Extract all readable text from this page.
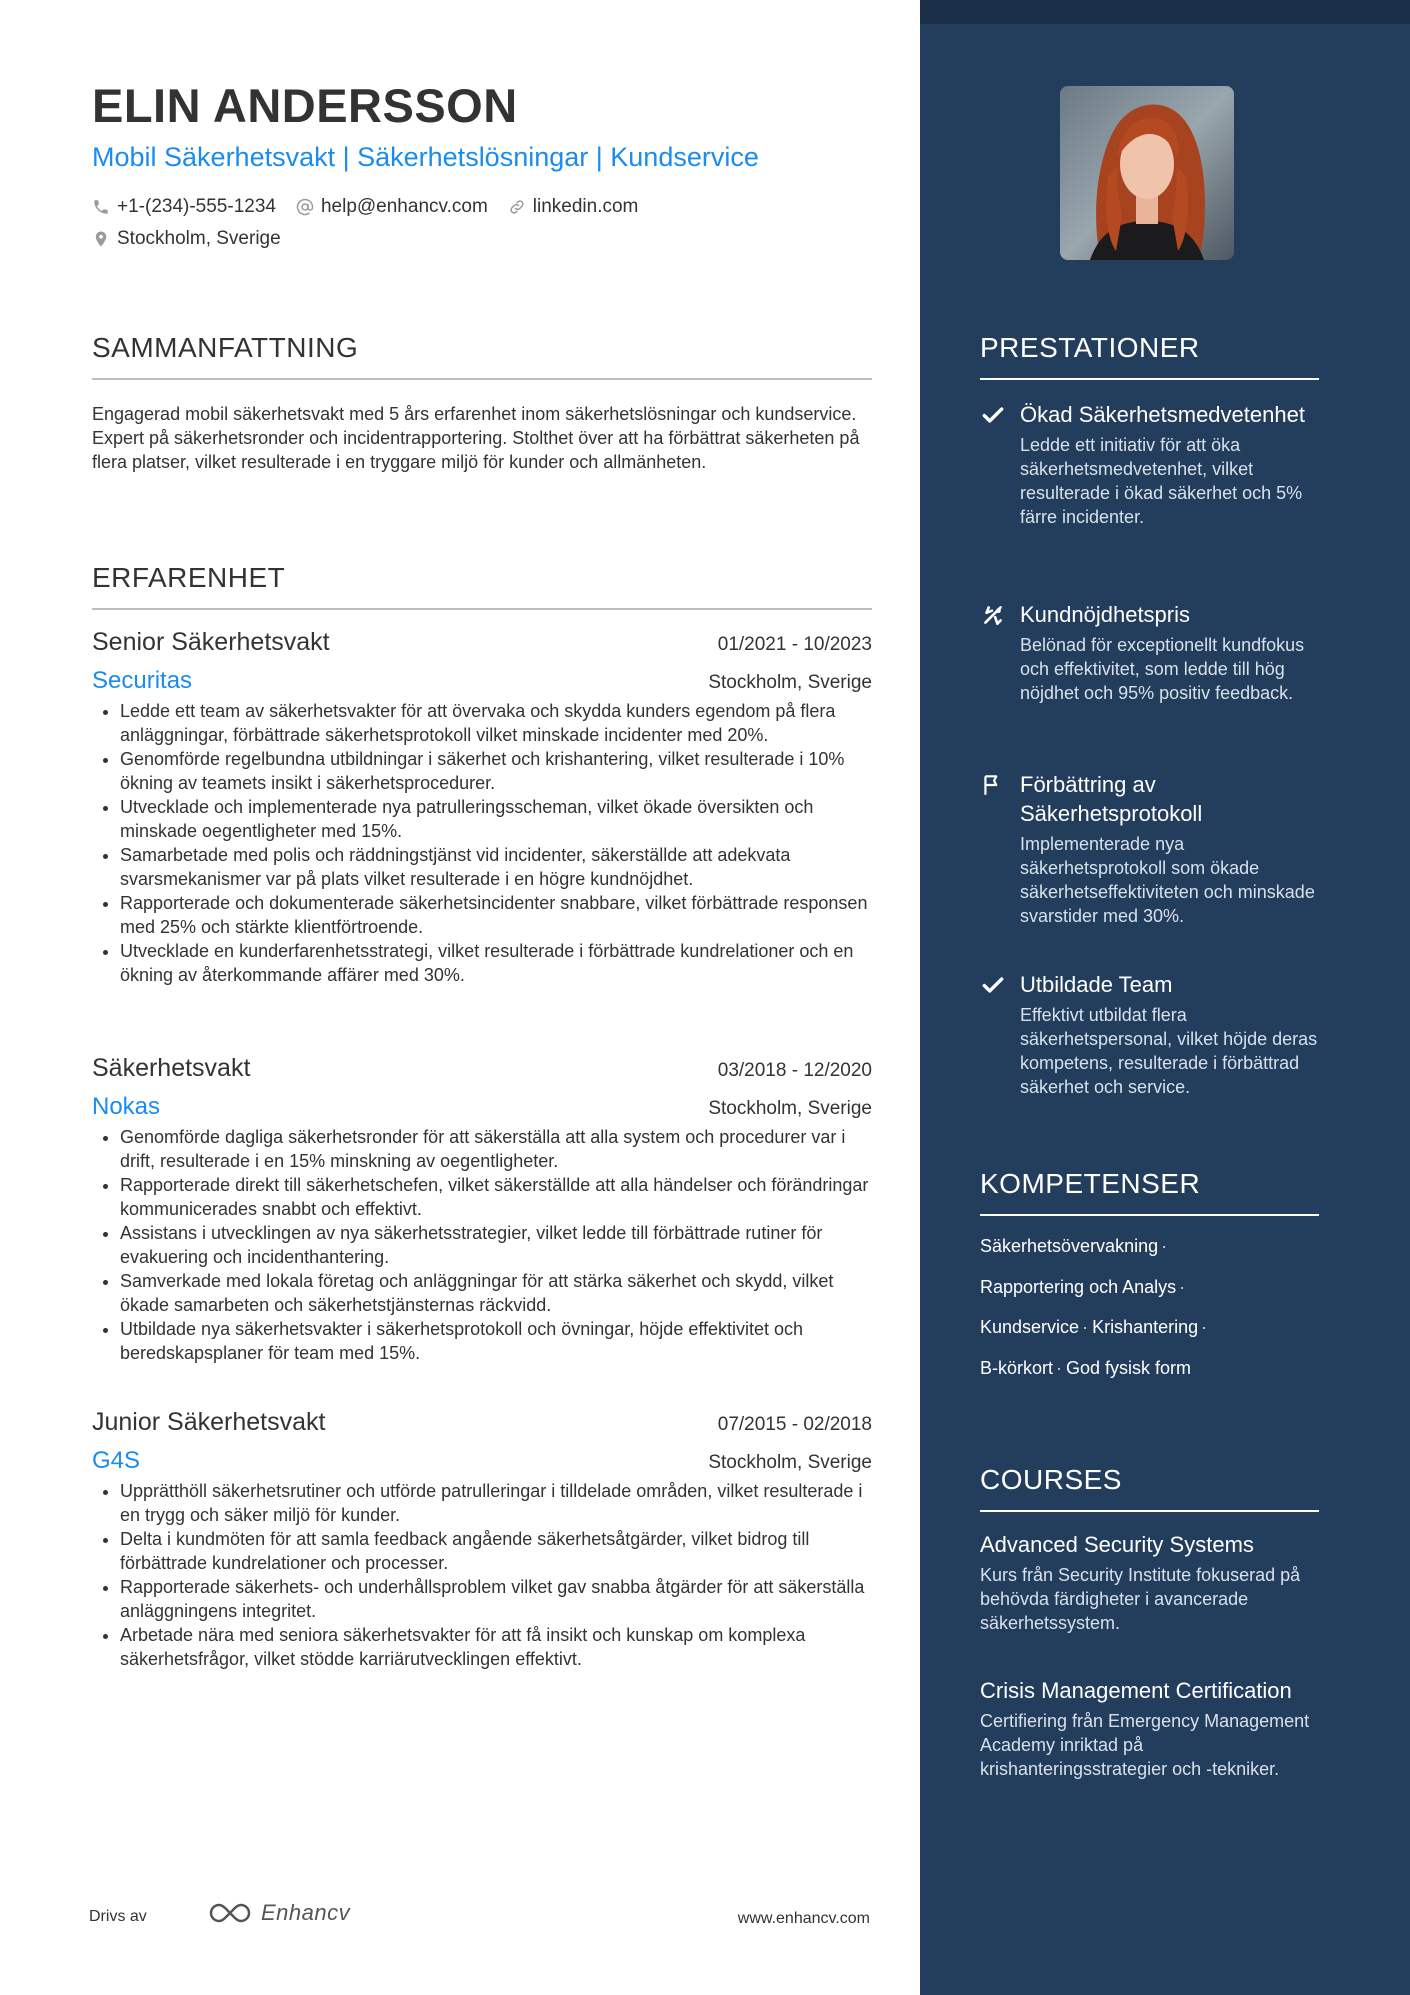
ELIN ANDERSSON
Mobil Säkerhetsvakt | Säkerhetslösningar | Kundservice
+1-(234)-555-1234 help@enhancv.com linkedin.com
Stockholm, Sverige
SAMMANFATTNING
Engagerad mobil säkerhetsvakt med 5 års erfarenhet inom säkerhetslösningar och kundservice. Expert på säkerhetsronder och incidentrapportering. Stolthet över att ha förbättrat säkerheten på flera platser, vilket resulterade i en tryggare miljö för kunder och allmänheten.
ERFARENHET
Senior Säkerhetsvakt	01/2021 - 10/2023
Securitas	Stockholm, Sverige
• Ledde ett team av säkerhetsvakter för att övervaka och skydda kunders egendom på flera anläggningar, förbättrade säkerhetsprotokoll vilket minskade incidenter med 20%.
• Genomförde regelbundna utbildningar i säkerhet och krishantering, vilket resulterade i 10% ökning av teamets insikt i säkerhetsprocedurer.
• Utvecklade och implementerade nya patrulleringsscheman, vilket ökade översikten och minskade oegentligheter med 15%.
• Samarbetade med polis och räddningstjänst vid incidenter, säkerställde att adekvata svarsmekanismer var på plats vilket resulterade i en högre kundnöjdhet.
• Rapporterade och dokumenterade säkerhetsincidenter snabbare, vilket förbättrade responsen med 25% och stärkte klientförtroende.
• Utvecklade en kunderfarenhetsstrategi, vilket resulterade i förbättrade kundrelationer och en ökning av återkommande affärer med 30%.
Säkerhetsvakt	03/2018 - 12/2020
Nokas	Stockholm, Sverige
• Genomförde dagliga säkerhetsronder för att säkerställa att alla system och procedurer var i drift, resulterade i en 15% minskning av oegentligheter.
• Rapporterade direkt till säkerhetschefen, vilket säkerställde att alla händelser och förändringar kommunicerades snabbt och effektivt.
• Assistans i utvecklingen av nya säkerhetsstrategier, vilket ledde till förbättrade rutiner för evakuering och incidenthantering.
• Samverkade med lokala företag och anläggningar för att stärka säkerhet och skydd, vilket ökade samarbeten och säkerhetstjänsternas räckvidd.
• Utbildade nya säkerhetsvakter i säkerhetsprotokoll och övningar, höjde effektivitet och beredskapsplaner för team med 15%.
Junior Säkerhetsvakt	07/2015 - 02/2018
G4S	Stockholm, Sverige
• Upprätthöll säkerhetsrutiner och utförde patrulleringar i tilldelade områden, vilket resulterade i en trygg och säker miljö för kunder.
• Delta i kundmöten för att samla feedback angående säkerhetsåtgärder, vilket bidrog till förbättrade kundrelationer och processer.
• Rapporterade säkerhets- och underhållsproblem vilket gav snabba åtgärder för att säkerställa anläggningens integritet.
• Arbetade nära med seniora säkerhetsvakter för att få insikt och kunskap om komplexa säkerhetsfrågor, vilket stödde karriärutvecklingen effektivt.
Drivs av	Enhancv	www.enhancv.com
PRESTATIONER
Ökad Säkerhetsmedvetenhet
Ledde ett initiativ för att öka säkerhetsmedvetenhet, vilket resulterade i ökad säkerhet och 5% färre incidenter.
Kundnöjdhetspris
Belönad för exceptionellt kundfokus och effektivitet, som ledde till hög nöjdhet och 95% positiv feedback.
Förbättring av Säkerhetsprotokoll
Implementerade nya säkerhetsprotokoll som ökade säkerhetseffektiviteten och minskade svarstider med 30%.
Utbildade Team
Effektivt utbildat flera säkerhetspersonal, vilket höjde deras kompetens, resulterade i förbättrad säkerhet och service.
KOMPETENSER
Säkerhetsövervakning ·
Rapportering och Analys ·
Kundservice · Krishantering ·
B-körkort · God fysisk form
COURSES
Advanced Security Systems
Kurs från Security Institute fokuserad på behövda färdigheter i avancerade säkerhetssystem.
Crisis Management Certification
Certifiering från Emergency Management Academy inriktad på krishanteringsstrategier och -tekniker.
